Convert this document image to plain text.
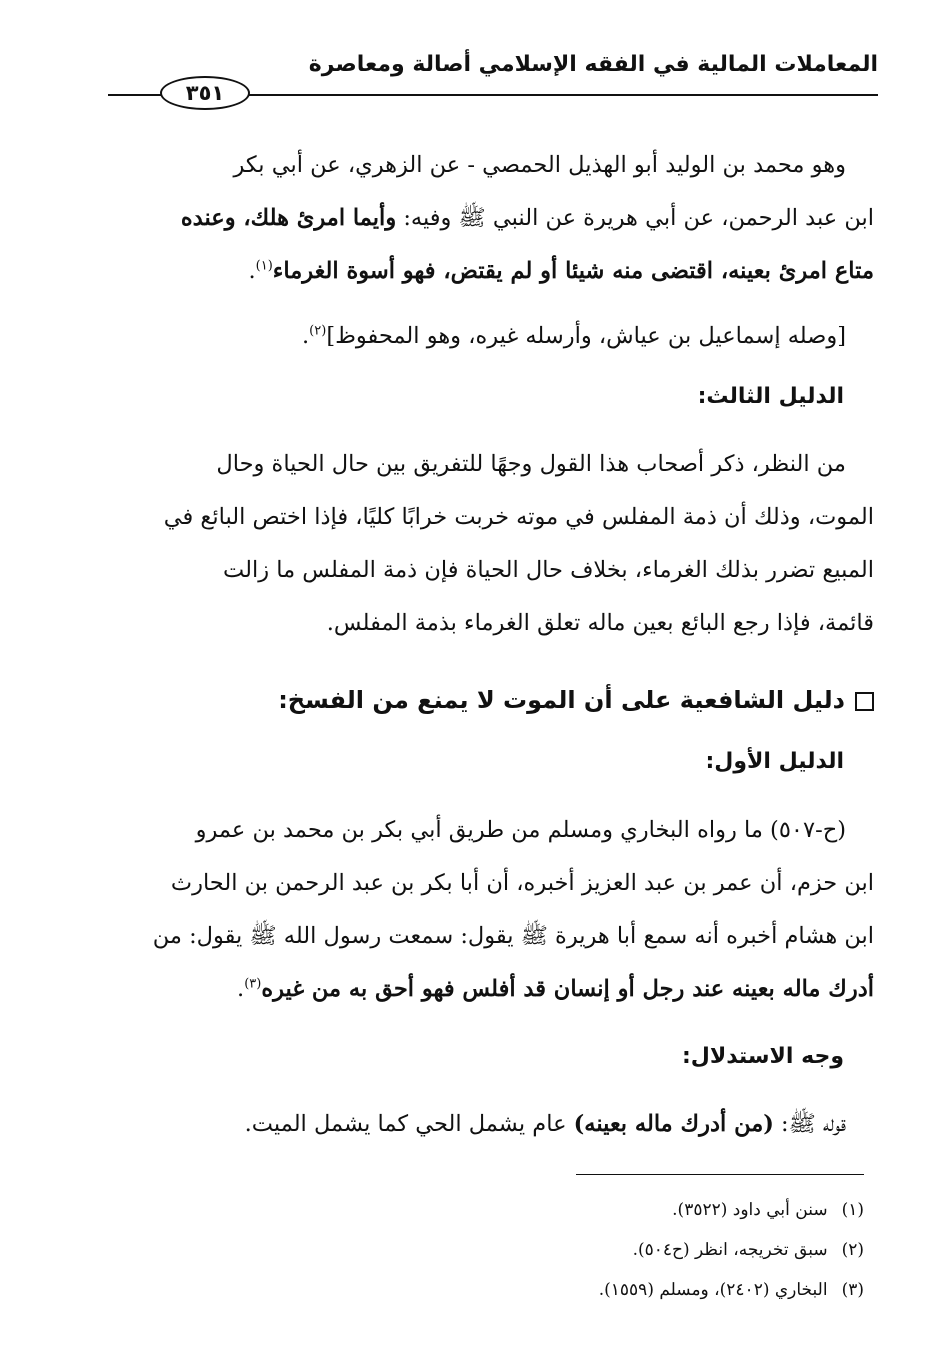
المعاملات المالية في الفقه الإسلامي أصالة ومعاصرة
٣٥١

وهو محمد بن الوليد أبو الهذيل الحمصي - عن الزهري، عن أبي بكر

ابن عبد الرحمن، عن أبي هريرة عن النبي ﷺ وفيه: وأيما امرئ هلك، وعنده

متاع امرئ بعينه، اقتضى منه شيئا أو لم يقتض، فهو أسوة الغرماء$^{(١)}$.

[وصله إسماعيل بن عياش، وأرسله غيره، وهو المحفوظ]$^{(٢)}$.

الدليل الثالث:

من النظر، ذكر أصحاب هذا القول وجهًا للتفريق بين حال الحياة وحال

الموت، وذلك أن ذمة المفلس في موته خربت خرابًا كليًا، فإذا اختص البائع في

المبيع تضرر بذلك الغرماء، بخلاف حال الحياة فإن ذمة المفلس ما زالت

قائمة، فإذا رجع البائع بعين ماله تعلق الغرماء بذمة المفلس.

دليل الشافعية على أن الموت لا يمنع من الفسخ:
الدليل الأول:

(ح-٥٠٧) ما رواه البخاري ومسلم من طريق أبي بكر بن محمد بن عمرو

ابن حزم، أن عمر بن عبد العزيز أخبره، أن أبا بكر بن عبد الرحمن بن الحارث

ابن هشام أخبره أنه سمع أبا هريرة ﷺ يقول: سمعت رسول الله ﷺ يقول: من

أدرك ماله بعينه عند رجل أو إنسان قد أفلس فهو أحق به من غيره$^{(٣)}$.

وجه الاستدلال:

قوله ﷺ: (من أدرك ماله بعينه) عام يشمل الحي كما يشمل الميت.

(١)سنن أبي داود (٣٥٢٢).
(٢)سبق تخريجه، انظر (ح٥٠٤).
(٣)البخاري (٢٤٠٢)، ومسلم (١٥٥٩).
